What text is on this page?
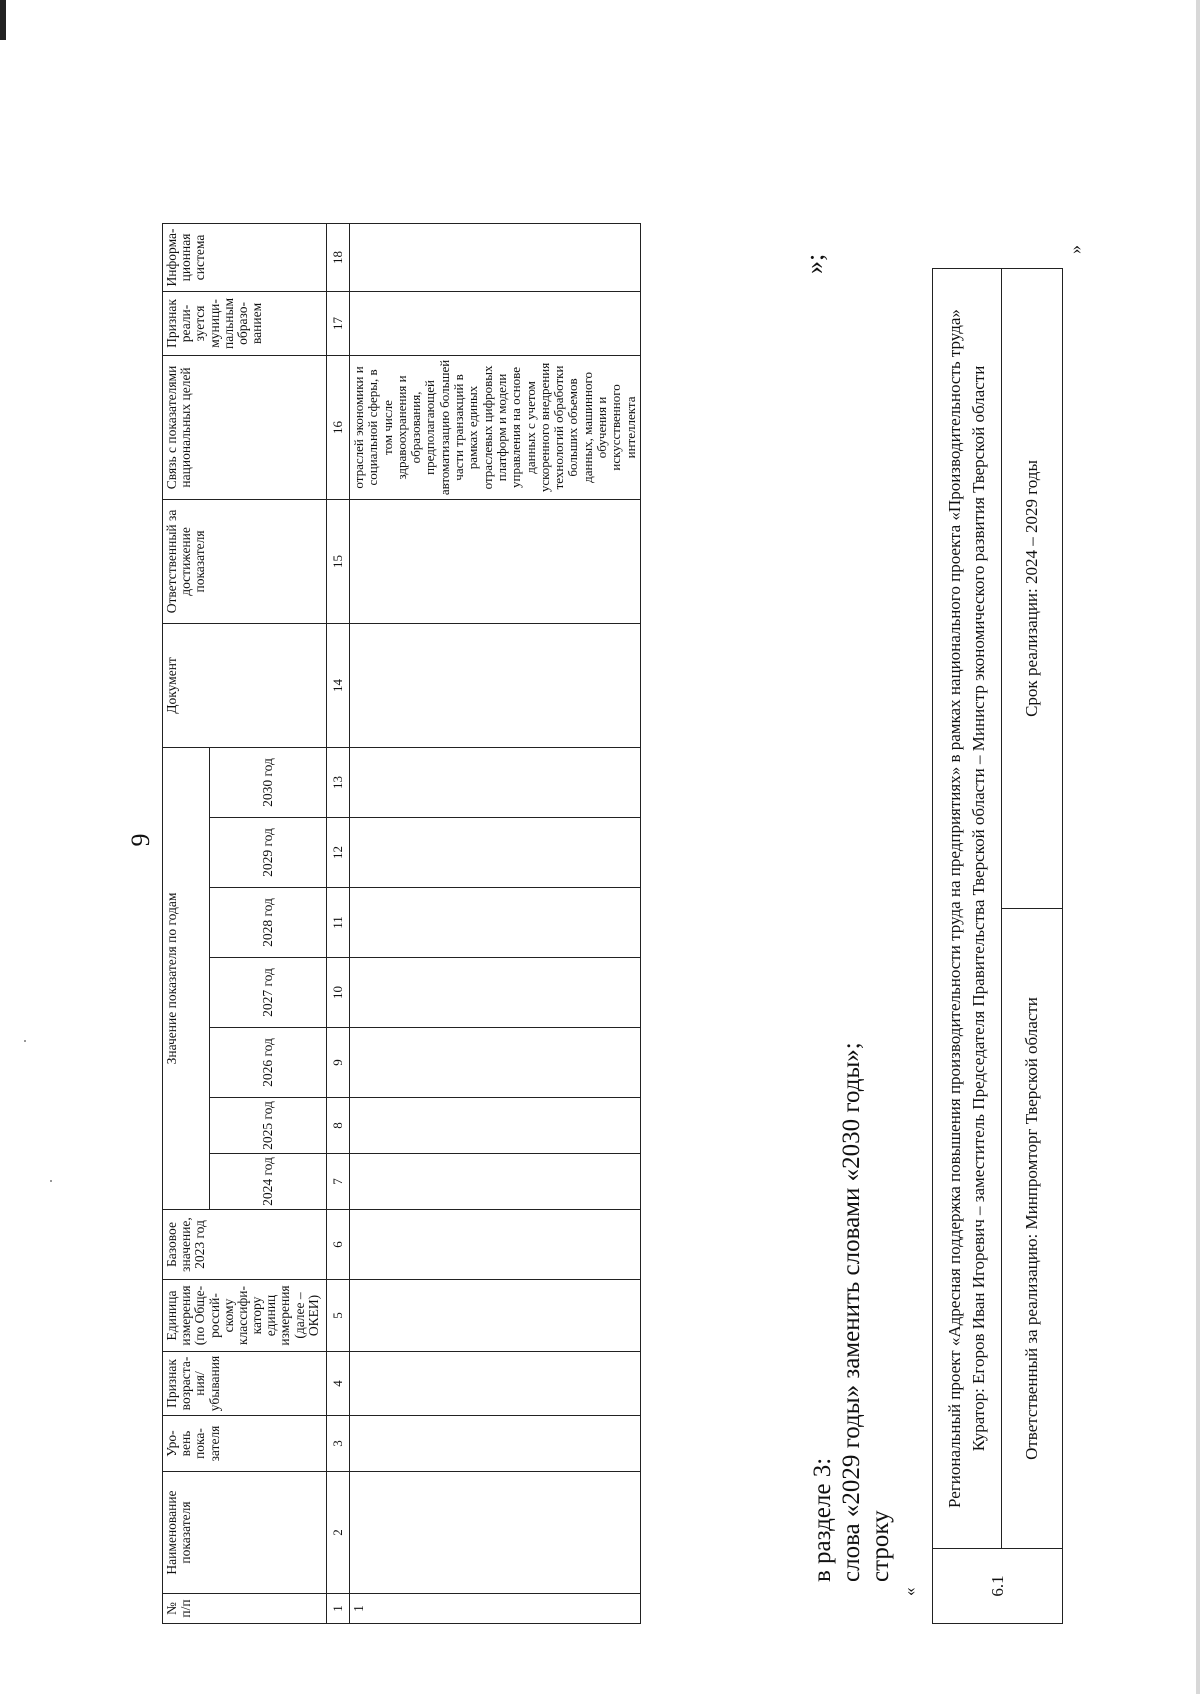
9
№ п/п	Наименование показателя	Уро-вень пока-зателя	Признак возраста-ния/ убывания	Единица измерения (по Обще-россий-скому классифи-катору единиц измерения (далее – ОКЕИ)	Базовое значение, 2023 год	Значение показателя по годам							Документ	Ответственный за достижение показателя	Связь с показателями национальных целей	Признак реали-зуется муници-пальным образо-ванием	Информа-ционная система
						2024 год	2025 год	2026 год	2027 год	2028 год	2029 год	2030 год					
1	2	3	4	5	6	7	8	9	10	11	12	13	14	15	16	17	18
1															отраслей экономики и социальной сферы, в том числе здравоохранения и образования, предполагающей автоматизацию большей части транзакций в рамках единых отраслевых цифровых платформ и модели управления на основе данных с учетом ускоренного внедрения технологий обработки больших объемов данных, машинного обучения и искусственного интеллекта		
»;
в разделе 3: слова «2029 годы» заменить словами «2030 годы»; строку
«	6.1	Региональный проект «Адресная поддержка повышения производительности труда на предприятиях» в рамках национального проекта «Производительность труда» Куратор: Егоров Иван Игоревич – заместитель Председателя Правительства Тверской области – Министр экономического развития Тверской области	

	Ответственный за реализацию: Минпромторг Тверской области	Срок реализации: 2024 – 2029 годы
»
